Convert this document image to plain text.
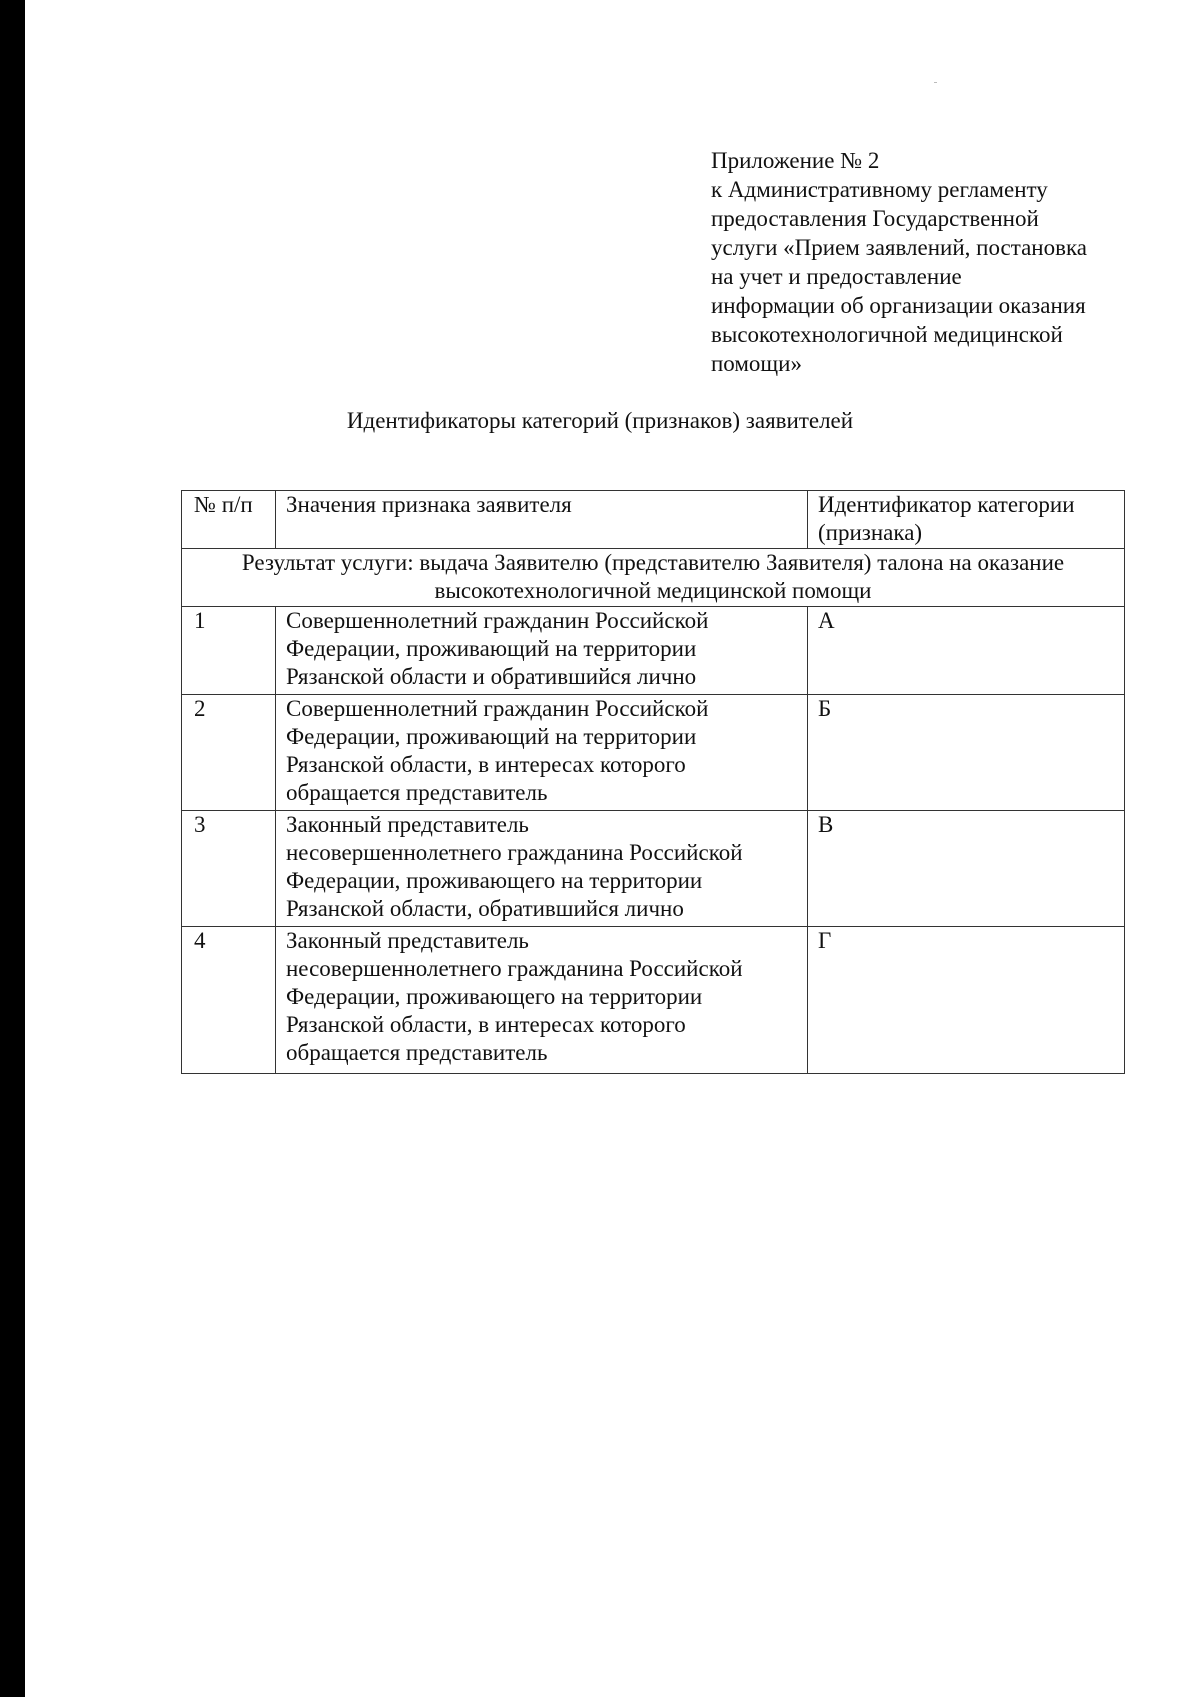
Приложение № 2
к Административному регламенту
предоставления Государственной
услуги «Прием заявлений, постановка
на учет и предоставление
информации об организации оказания
высокотехнологичной медицинской
помощи»
Идентификаторы категорий (признаков) заявителей
№ п/п	Значения признака заявителя	Идентификатор категории
(признака)

Результат услуги: выдача Заявителю (представителю Заявителя) талона на оказание
высокотехнологичной медицинской помощи		

1	Совершеннолетний гражданин Российской
Федерации, проживающий на территории
Рязанской области и обратившийся лично	А

2	Совершеннолетний гражданин Российской
Федерации, проживающий на территории
Рязанской области, в интересах которого
обращается представитель	Б

3	Законный представитель
несовершеннолетнего гражданина Российской
Федерации, проживающего на территории
Рязанской области, обратившийся лично	В

4	Законный представитель
несовершеннолетнего гражданина Российской
Федерации, проживающего на территории
Рязанской области, в интересах которого
обращается представитель	Г
